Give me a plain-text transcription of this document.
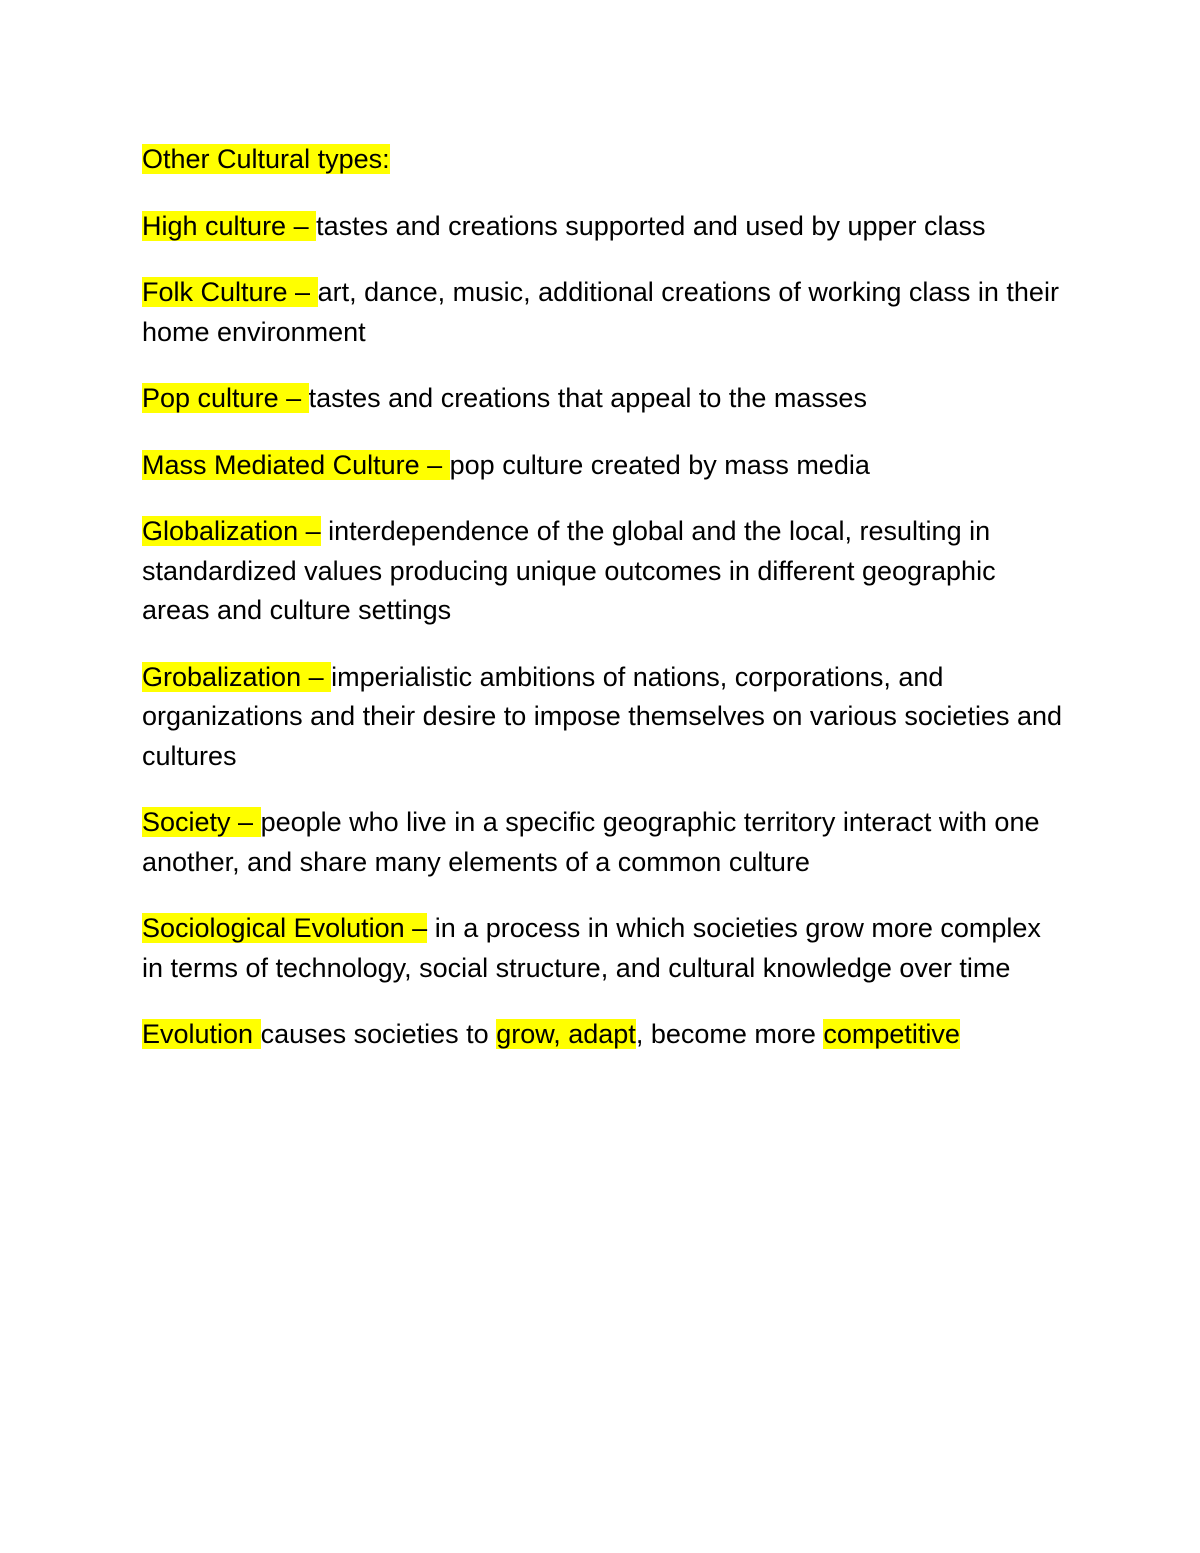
Other Cultural types:

High culture – tastes and creations supported and used by upper class

Folk Culture – art, dance, music, additional creations of working class in their home environment

Pop culture – tastes and creations that appeal to the masses

Mass Mediated Culture – pop culture created by mass media

Globalization – interdependence of the global and the local, resulting in standardized values producing unique outcomes in different geographic areas and culture settings

Grobalization – imperialistic ambitions of nations, corporations, and organizations and their desire to impose themselves on various societies and cultures

Society – people who live in a specific geographic territory interact with one another, and share many elements of a common culture

Sociological Evolution – in a process in which societies grow more complex in terms of technology, social structure, and cultural knowledge over time

Evolution causes societies to grow, adapt, become more competitive
